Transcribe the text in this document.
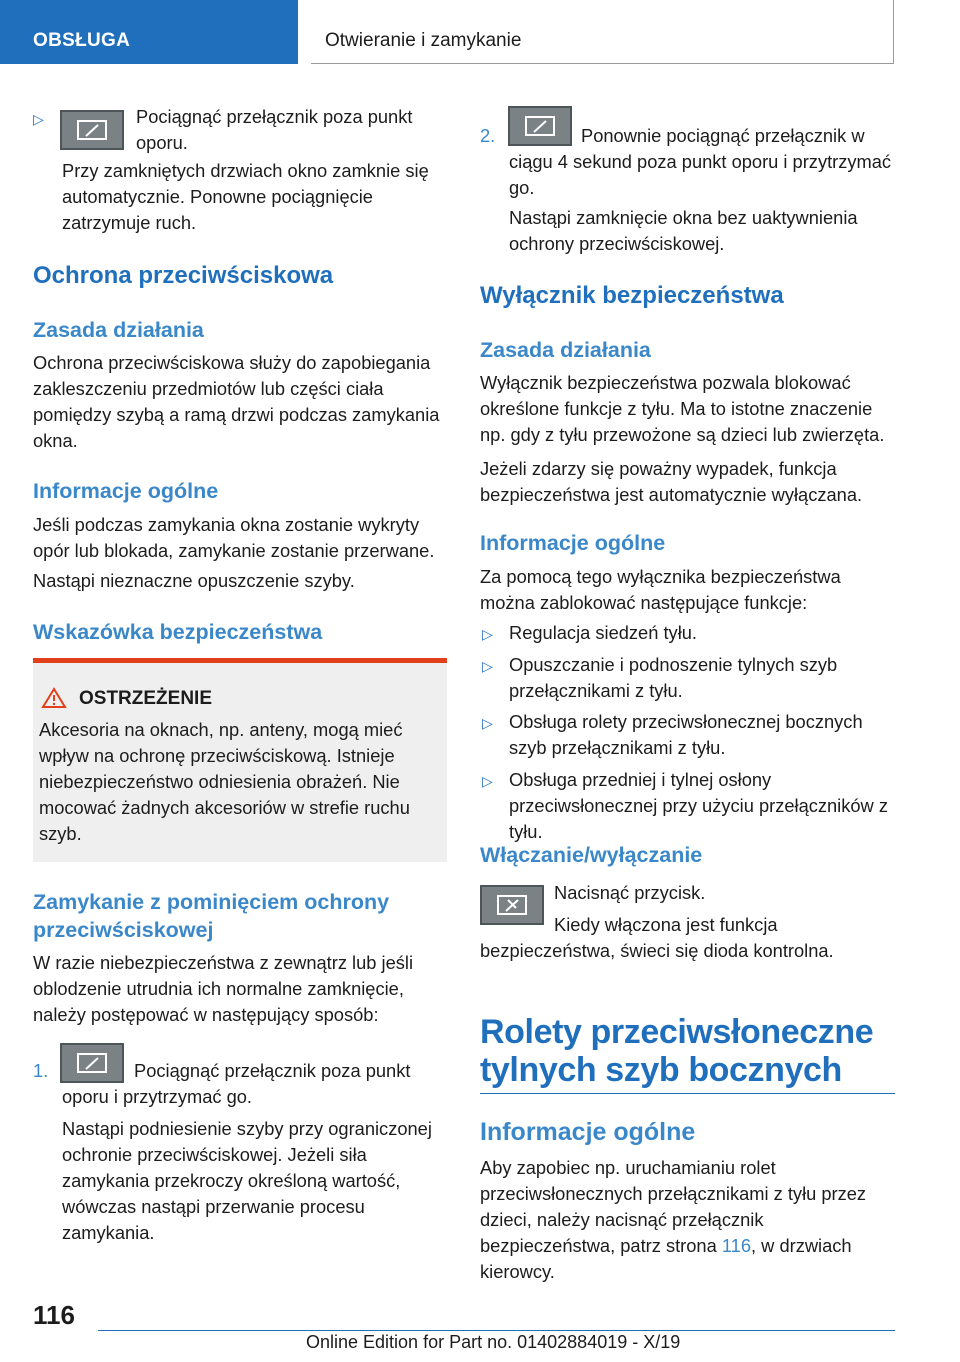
OBSŁUGA	Otwieranie i zamykanie
▷	Pociągnąć przełącznik poza punkt oporu.

Przy zamkniętych drzwiach okno zamknie się automatycznie. Ponowne pociągnięcie zatrzymuje ruch.

Ochrona przeciwściskowa
Zasada działania

Ochrona przeciwściskowa służy do zapobiegania zakleszczeniu przedmiotów lub części ciała pomiędzy szybą a ramą drzwi podczas zamykania okna.

Informacje ogólne

Jeśli podczas zamykania okna zostanie wykryty opór lub blokada, zamykanie zostanie przerwane.

Nastąpi nieznaczne opuszczenie szyby.

Wskazówka bezpieczeństwa
OSTRZEŻENIE

Akcesoria na oknach, np. anteny, mogą mieć wpływ na ochronę przeciwściskową. Istnieje niebezpieczeństwo odniesienia obrażeń. Nie mocować żadnych akcesoriów w strefie ruchu szyb.

Zamykanie z pominięciem ochrony przeciwściskowej

W razie niebezpieczeństwa z zewnątrz lub jeśli oblodzenie utrudnia ich normalne zamknięcie, należy postępować w następujący sposób:

1.	Pociągnąć przełącznik poza punkt oporu i przytrzymać go.

Nastąpi podniesienie szyby przy ograniczonej ochronie przeciwściskowej. Jeżeli siła zamykania przekroczy określoną wartość, wówczas nastąpi przerwanie procesu zamykania.

2.	Ponownie pociągnąć przełącznik w ciągu 4 sekund poza punkt oporu i przytrzymać go.

Nastąpi zamknięcie okna bez uaktywnienia ochrony przeciwściskowej.

Wyłącznik bezpieczeństwa
Zasada działania

Wyłącznik bezpieczeństwa pozwala blokować określone funkcje z tyłu. Ma to istotne znaczenie np. gdy z tyłu przewożone są dzieci lub zwierzęta.

Jeżeli zdarzy się poważny wypadek, funkcja bezpieczeństwa jest automatycznie wyłączana.

Informacje ogólne

Za pomocą tego wyłącznika bezpieczeństwa można zablokować następujące funkcje:

▷ Regulacja siedzeń tyłu.

▷ Opuszczanie i podnoszenie tylnych szyb przełącznikami z tyłu.

▷ Obsługa rolety przeciwsłonecznej bocznych szyb przełącznikami z tyłu.

▷ Obsługa przedniej i tylnej osłony przeciwsłonecznej przy użyciu przełączników z tyłu.

Włączanie/wyłączanie

Nacisnąć przycisk.

Kiedy włączona jest funkcja bezpieczeństwa, świeci się dioda kontrolna.

Rolety przeciwsłoneczne tylnych szyb bocznych
Informacje ogólne

Aby zapobiec np. uruchamianiu rolet przeciwsłonecznych przełącznikami z tyłu przez dzieci, należy nacisnąć przełącznik bezpieczeństwa, patrz strona 116, w drzwiach kierowcy.

116
Online Edition for Part no. 01402884019 - X/19
